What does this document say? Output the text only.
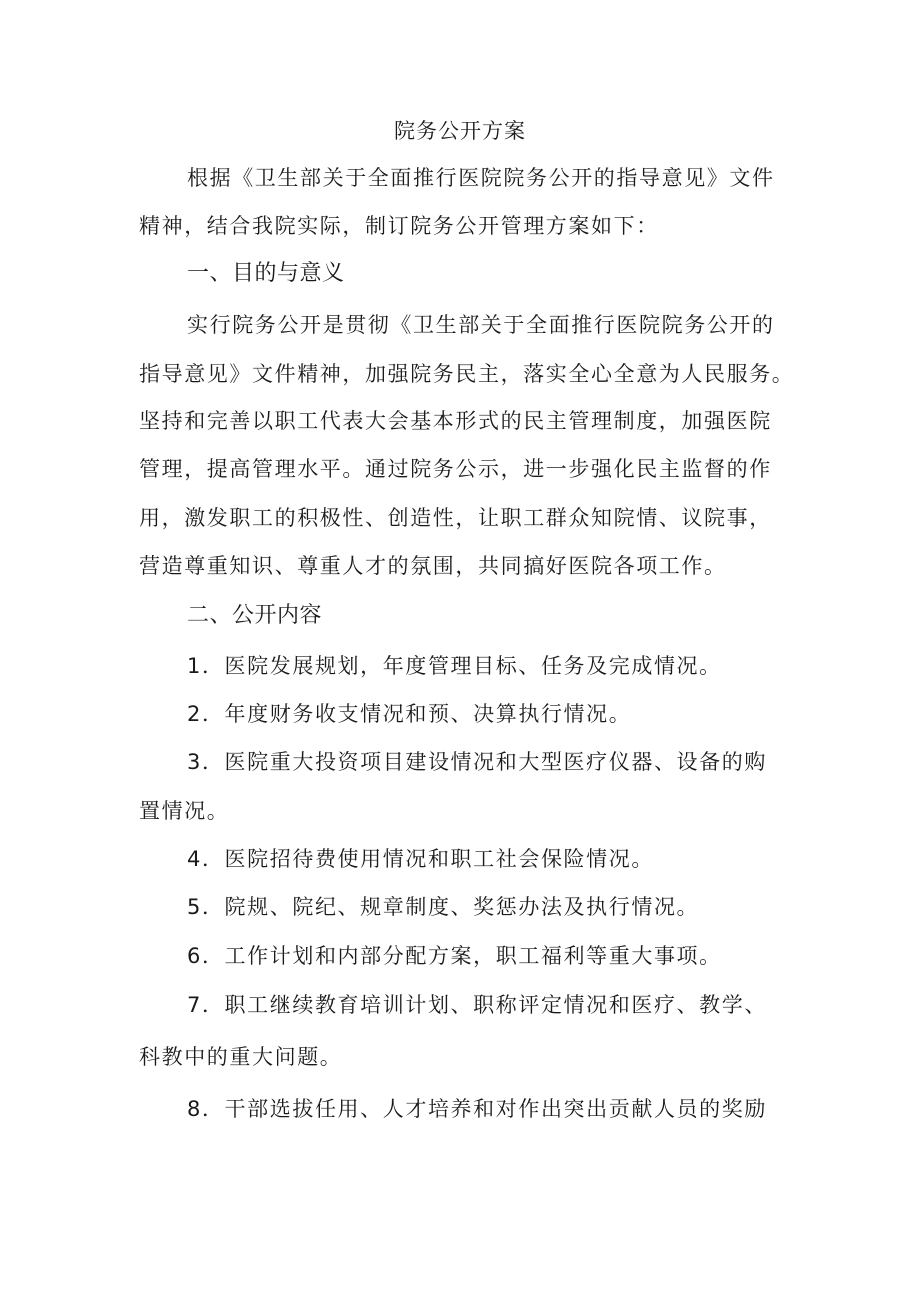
院务公开方案
根据《卫生部关于全面推行医院院务公开的指导意见》文件
精神，结合我院实际，制订院务公开管理方案如下：
一、目的与意义
实行院务公开是贯彻《卫生部关于全面推行医院院务公开的
指导意见》文件精神，加强院务民主，落实全心全意为人民服务。
坚持和完善以职工代表大会基本形式的民主管理制度，加强医院
管理，提高管理水平。通过院务公示，进一步强化民主监督的作
用，激发职工的积极性、创造性，让职工群众知院情、议院事，
营造尊重知识、尊重人才的氛围，共同搞好医院各项工作。
二、公开内容
1．医院发展规划，年度管理目标、任务及完成情况。
2．年度财务收支情况和预、决算执行情况。
3．医院重大投资项目建设情况和大型医疗仪器、设备的购
置情况。
4．医院招待费使用情况和职工社会保险情况。
5．院规、院纪、规章制度、奖惩办法及执行情况。
6．工作计划和内部分配方案，职工福利等重大事项。
7．职工继续教育培训计划、职称评定情况和医疗、教学、
科教中的重大问题。
8．干部选拔任用、人才培养和对作出突出贡献人员的奖励
